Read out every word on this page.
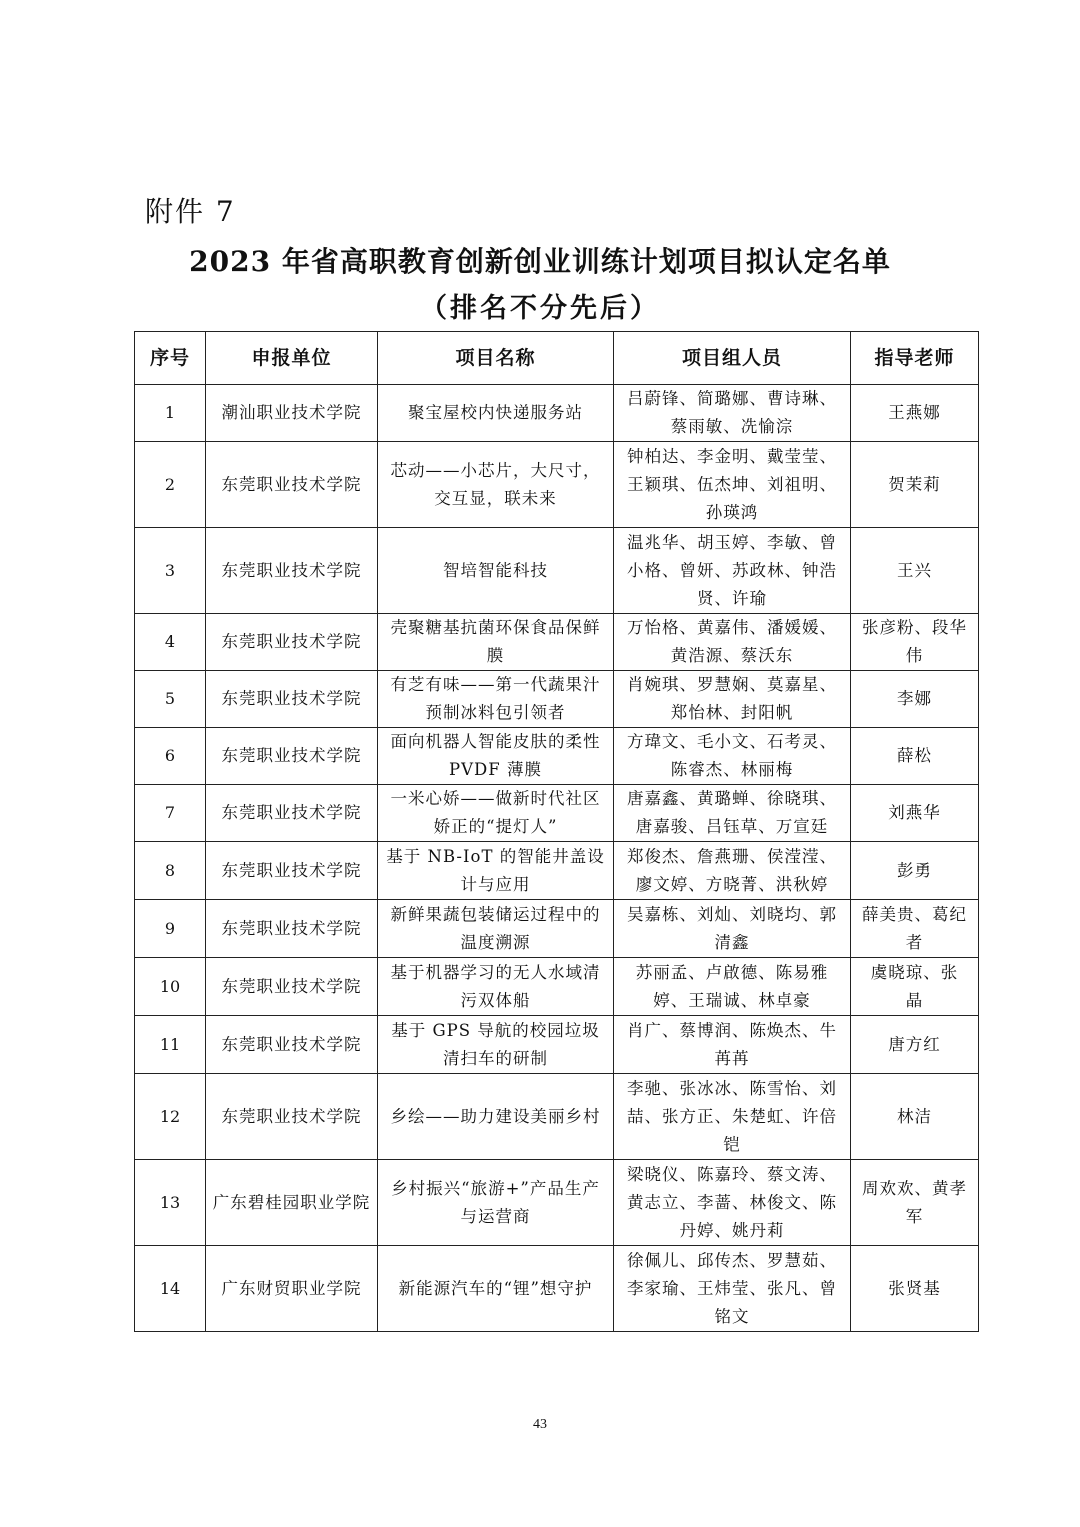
附件 7
2023 年省高职教育创新创业训练计划项目拟认定名单
（排名不分先后）
序号	申报单位	项目名称	项目组人员	指导老师
1	潮汕职业技术学院	聚宝屋校内快递服务站	吕蔚锋、简璐娜、曹诗琳、蔡雨敏、冼愉淙	王燕娜
2	东莞职业技术学院	芯动——小芯片，大尺寸，交互显，联未来	钟柏达、李金明、戴莹莹、王颖琪、伍杰坤、刘祖明、孙瑛鸿	贺茉莉
3	东莞职业技术学院	智培智能科技	温兆华、胡玉婷、李敏、曾小格、曾妍、苏政林、钟浩贤、许瑜	王兴
4	东莞职业技术学院	壳聚糖基抗菌环保食品保鲜膜	万怡格、黄嘉伟、潘媛媛、黄浩源、蔡沃东	张彦粉、段华伟
5	东莞职业技术学院	有芝有味——第一代蔬果汁预制冰料包引领者	肖婉琪、罗慧娴、莫嘉星、郑怡林、封阳帆	李娜
6	东莞职业技术学院	面向机器人智能皮肤的柔性 PVDF 薄膜	方瑋文、毛小文、石考灵、陈睿杰、林丽梅	薛松
7	东莞职业技术学院	一米心娇——做新时代社区娇正的“提灯人”	唐嘉鑫、黄璐蝉、徐晓琪、唐嘉骏、吕钰草、万宣廷	刘燕华
8	东莞职业技术学院	基于 NB-IoT 的智能井盖设计与应用	郑俊杰、詹燕珊、侯滢滢、廖文婷、方晓菁、洪秋婷	彭勇
9	东莞职业技术学院	新鲜果蔬包装储运过程中的温度溯源	吴嘉栋、刘灿、刘晓均、郭清鑫	薛美贵、葛纪者
10	东莞职业技术学院	基于机器学习的无人水域清污双体船	苏丽孟、卢啟德、陈易雅婷、王瑞诚、林卓豪	虞晓琼、张　晶
11	东莞职业技术学院	基于 GPS 导航的校园垃圾清扫车的研制	肖广、蔡博润、陈焕杰、牛苒苒	唐方红
12	东莞职业技术学院	乡绘——助力建设美丽乡村	李驰、张冰冰、陈雪怡、刘喆、张方正、朱楚虹、许倍铠	林洁
13	广东碧桂园职业学院	乡村振兴“旅游+”产品生产与运营商	梁晓仪、陈嘉玲、蔡文涛、黄志立、李蔷、林俊文、陈丹婷、姚丹莉	周欢欢、黄孝军
14	广东财贸职业学院	新能源汽车的“锂”想守护	徐佩儿、邱传杰、罗慧茹、李家瑜、王炜莹、张凡、曾铭文	张贤基
43
